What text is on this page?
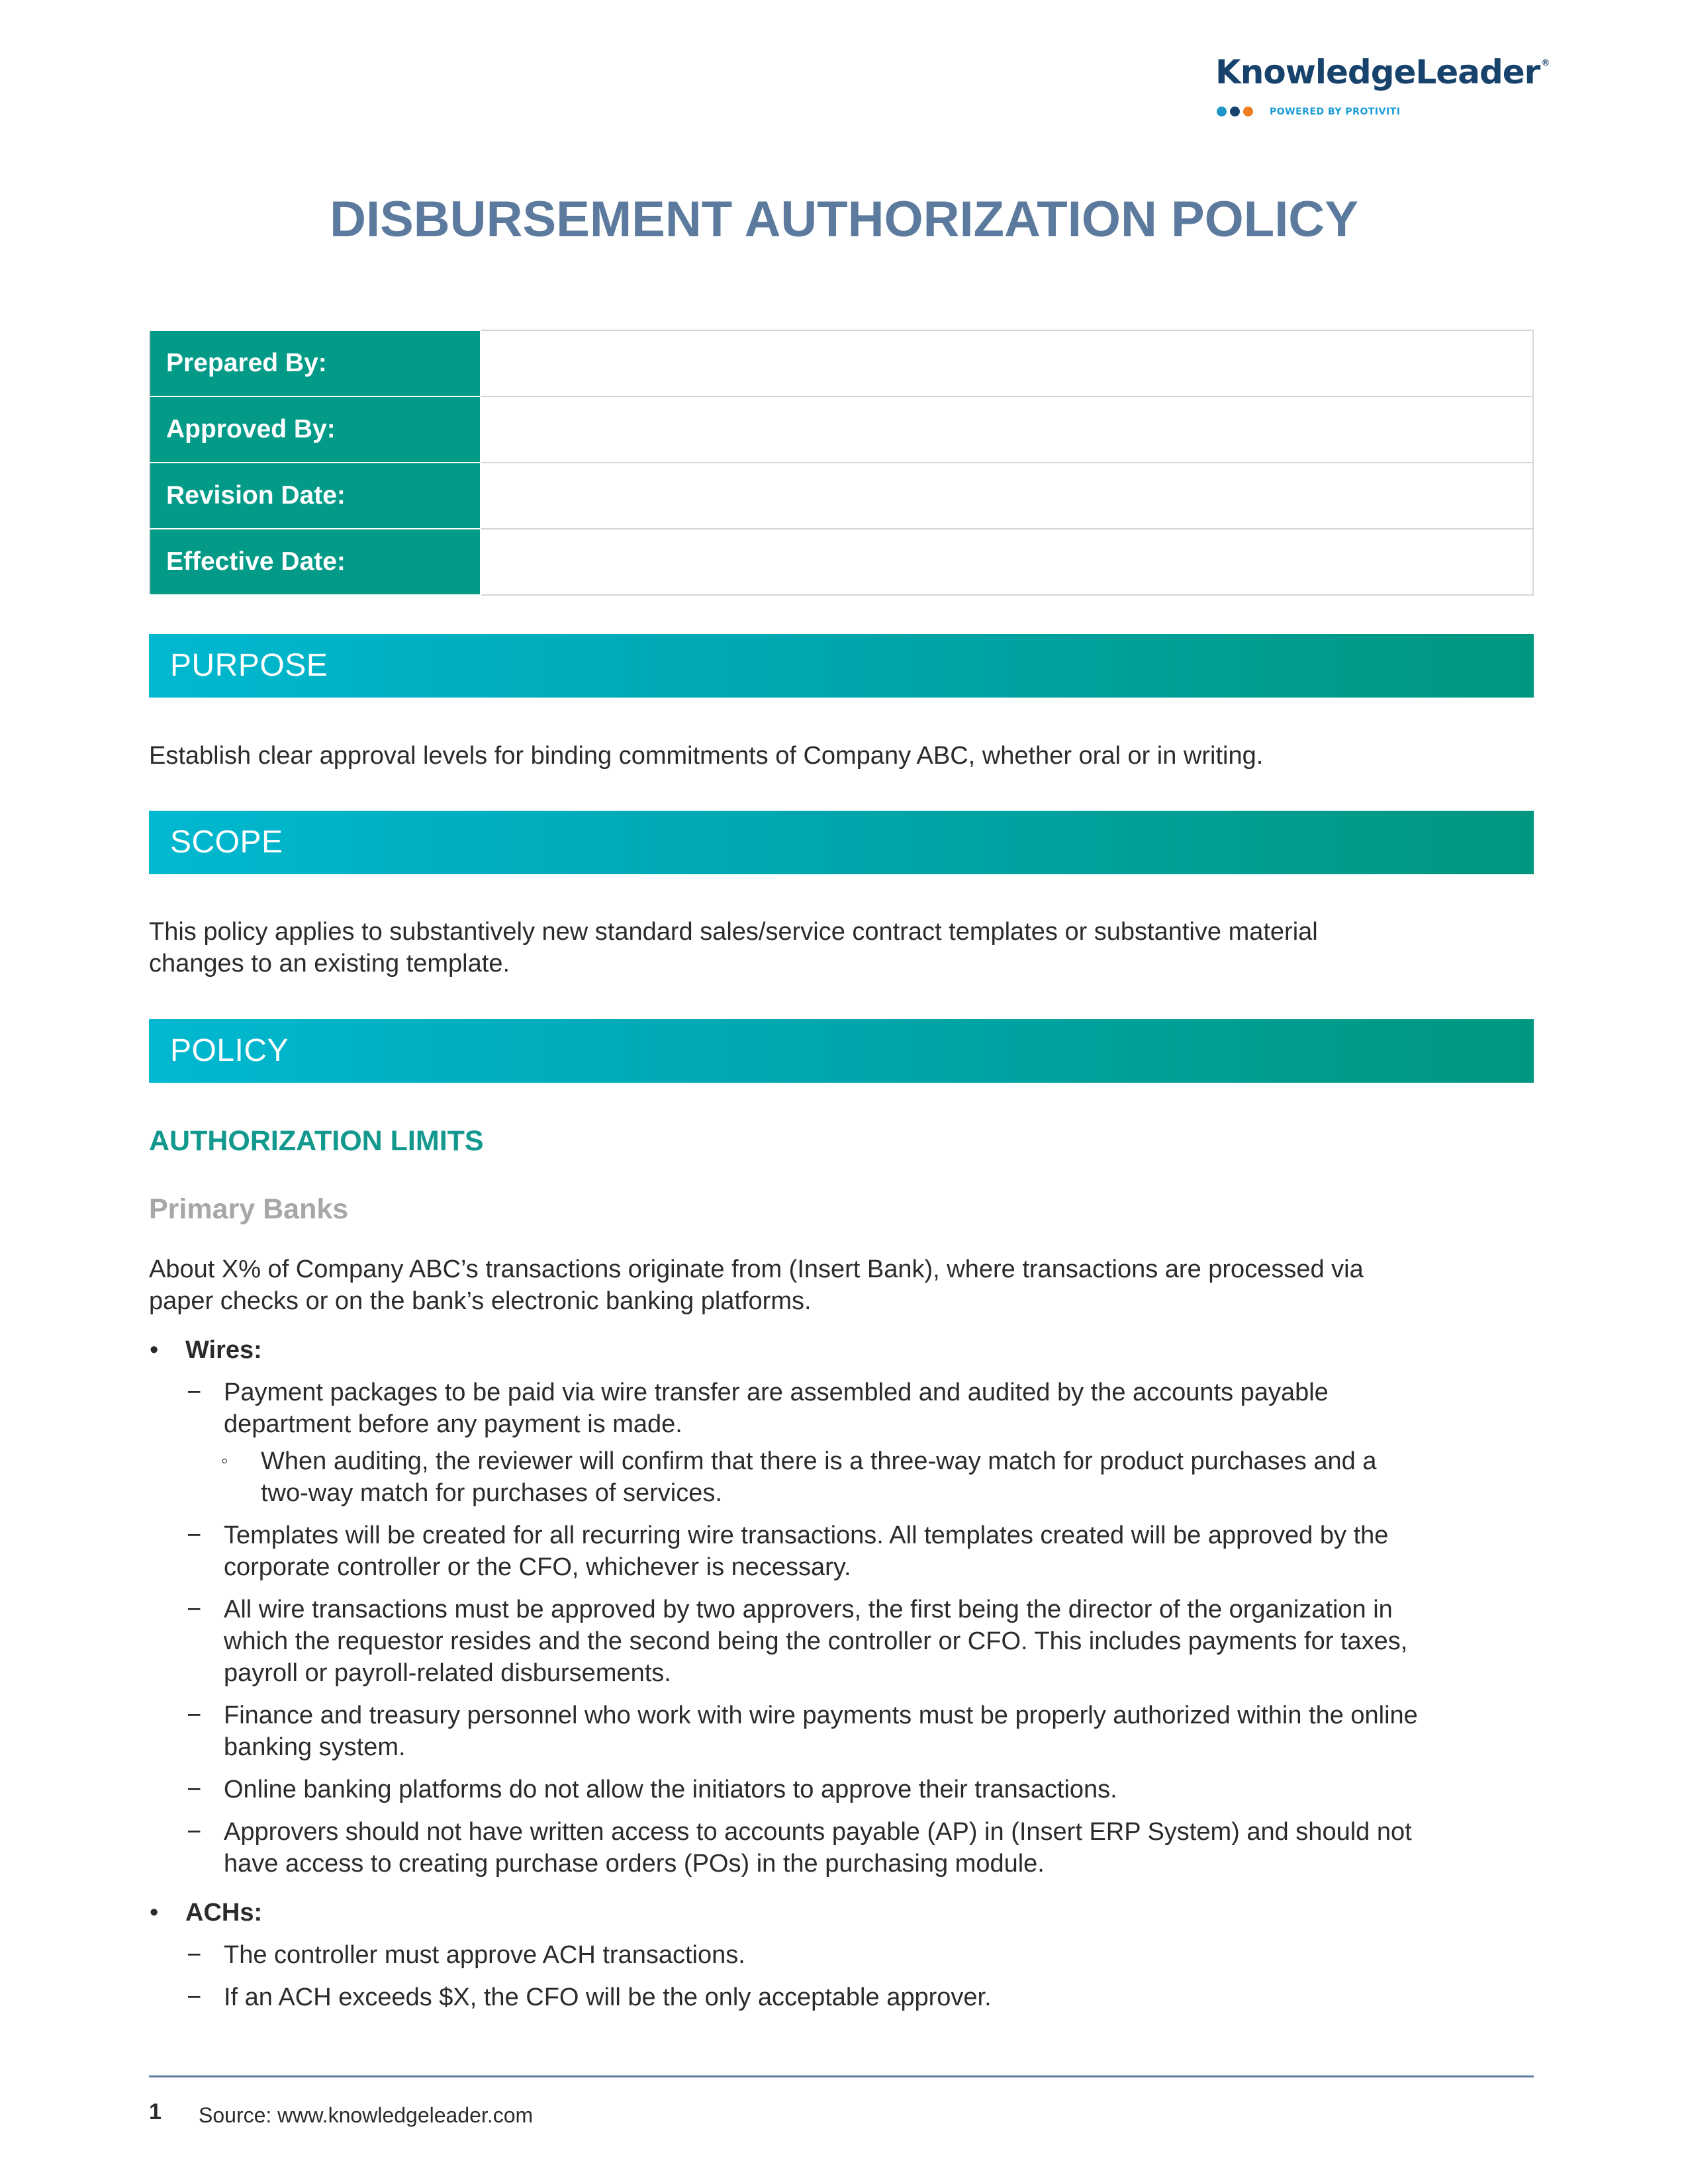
KnowledgeLeader ®
POWERED BY PROTIVITI
DISBURSEMENT AUTHORIZATION POLICY
Prepared By:	
Approved By:	
Revision Date:	
Effective Date:	
PURPOSE
Establish clear approval levels for binding commitments of Company ABC, whether oral or in writing.
SCOPE
This policy applies to substantively new standard sales/service contract templates or substantive material
changes to an existing template.
POLICY
AUTHORIZATION LIMITS
Primary Banks
About X% of Company ABC’s transactions originate from (Insert Bank), where transactions are processed via
paper checks or on the bank’s electronic banking platforms.
• Wires:
− Payment packages to be paid via wire transfer are assembled and audited by the accounts payable
department before any payment is made.
◦ When auditing, the reviewer will confirm that there is a three-way match for product purchases and a
two-way match for purchases of services.
− Templates will be created for all recurring wire transactions. All templates created will be approved by the
corporate controller or the CFO, whichever is necessary.
− All wire transactions must be approved by two approvers, the first being the director of the organization in
which the requestor resides and the second being the controller or CFO. This includes payments for taxes,
payroll or payroll-related disbursements.
− Finance and treasury personnel who work with wire payments must be properly authorized within the online
banking system.
− Online banking platforms do not allow the initiators to approve their transactions.
− Approvers should not have written access to accounts payable (AP) in (Insert ERP System) and should not
have access to creating purchase orders (POs) in the purchasing module.
• ACHs:
− The controller must approve ACH transactions.
− If an ACH exceeds $X, the CFO will be the only acceptable approver.
1 Source: www.knowledgeleader.com
